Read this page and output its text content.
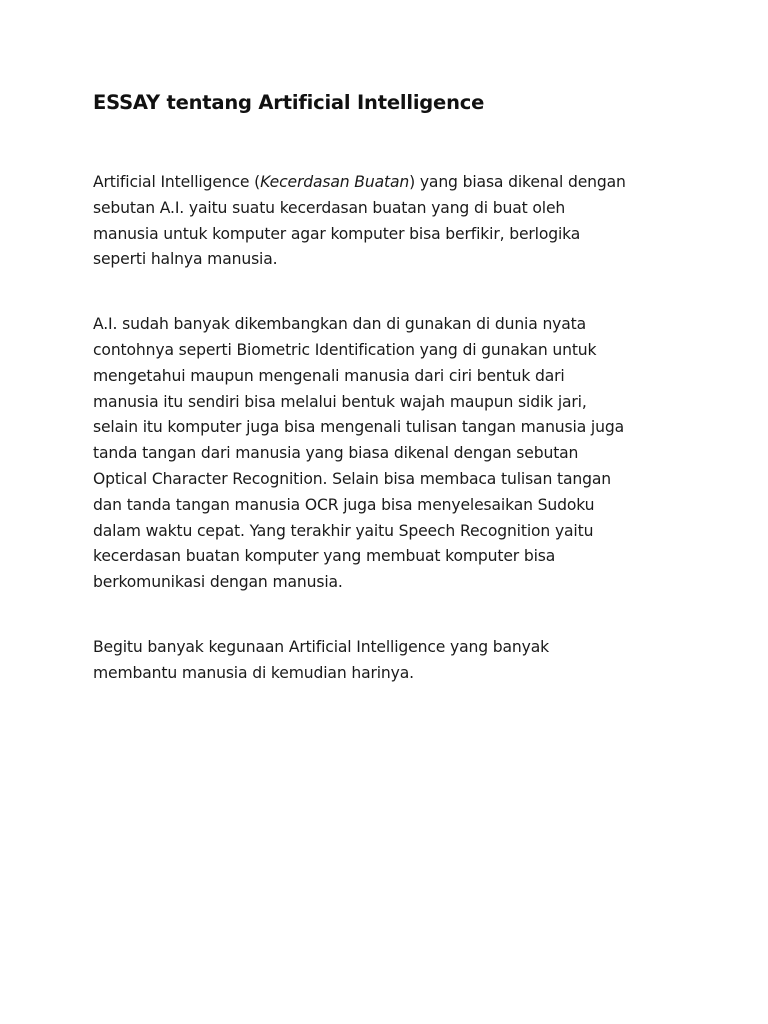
ESSAY tentang Artificial Intelligence

Artificial Intelligence (Kecerdasan Buatan) yang biasa dikenal dengan
sebutan A.I. yaitu suatu kecerdasan buatan yang di buat oleh
manusia untuk komputer agar komputer bisa berfikir, berlogika
seperti halnya manusia.

A.I. sudah banyak dikembangkan dan di gunakan di dunia nyata
contohnya seperti Biometric Identification yang di gunakan untuk
mengetahui maupun mengenali manusia dari ciri bentuk dari
manusia itu sendiri bisa melalui bentuk wajah maupun sidik jari,
selain itu komputer juga bisa mengenali tulisan tangan manusia juga
tanda tangan dari manusia yang biasa dikenal dengan sebutan
Optical Character Recognition. Selain bisa membaca tulisan tangan
dan tanda tangan manusia OCR juga bisa menyelesaikan Sudoku
dalam waktu cepat. Yang terakhir yaitu Speech Recognition yaitu
kecerdasan buatan komputer yang membuat komputer bisa
berkomunikasi dengan manusia.

Begitu banyak kegunaan Artificial Intelligence yang banyak
membantu manusia di kemudian harinya.
